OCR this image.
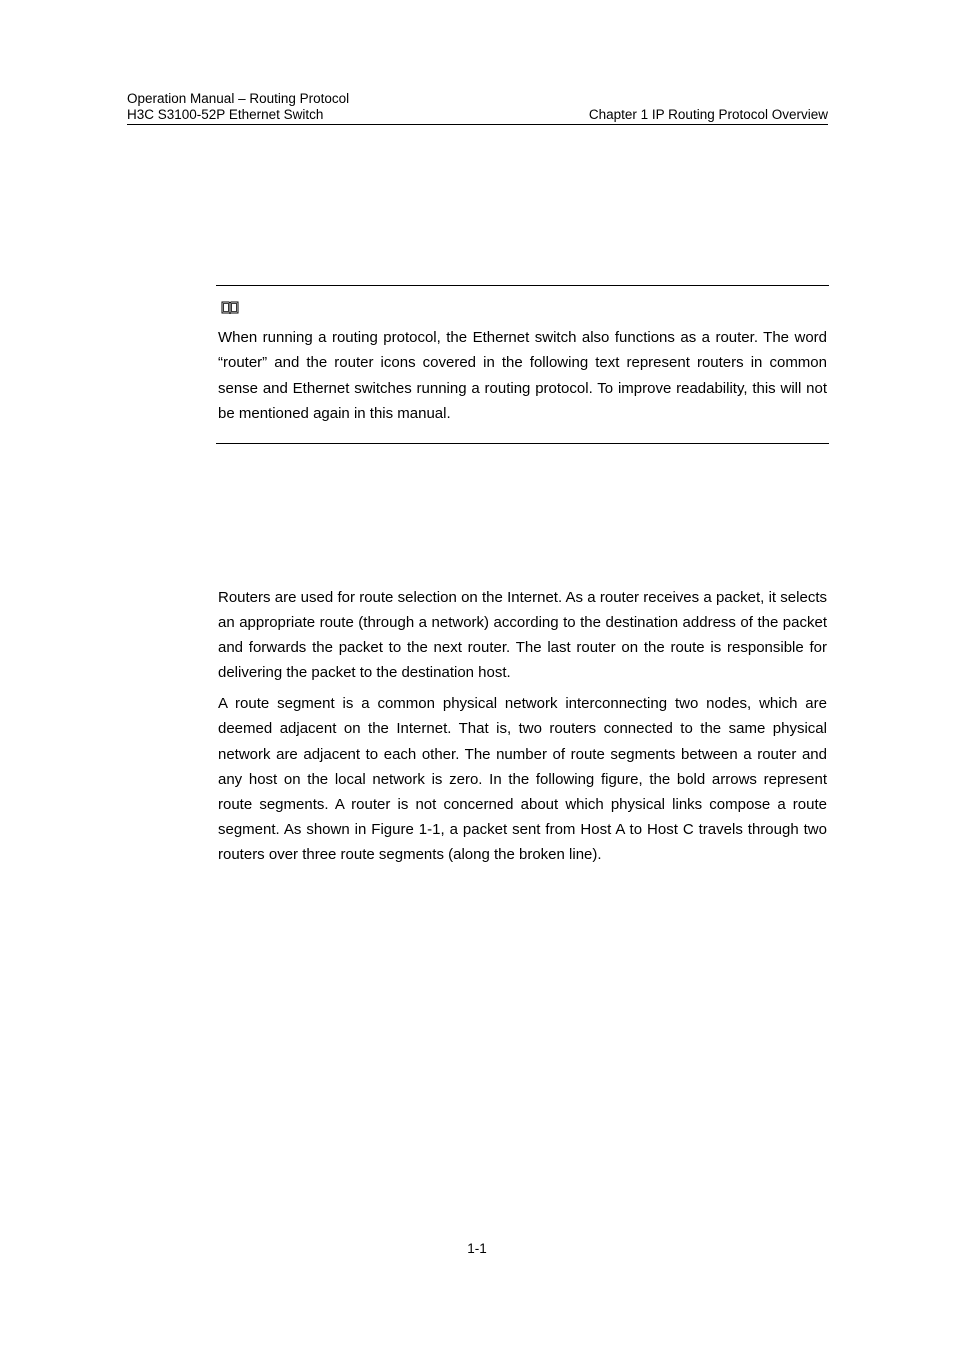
Operation Manual – Routing Protocol
H3C S3100-52P Ethernet Switch	Chapter 1 IP Routing Protocol Overview

When running a routing protocol, the Ethernet switch also functions as a router. The word “router” and the router icons covered in the following text represent routers in common sense and Ethernet switches running a routing protocol. To improve readability, this will not be mentioned again in this manual.

Routers are used for route selection on the Internet. As a router receives a packet, it selects an appropriate route (through a network) according to the destination address of the packet and forwards the packet to the next router. The last router on the route is responsible for delivering the packet to the destination host.

A route segment is a common physical network interconnecting two nodes, which are deemed adjacent on the Internet. That is, two routers connected to the same physical network are adjacent to each other. The number of route segments between a router and any host on the local network is zero. In the following figure, the bold arrows represent route segments. A router is not concerned about which physical links compose a route segment. As shown in Figure 1-1, a packet sent from Host A to Host C travels through two routers over three route segments (along the broken line).

1-1
